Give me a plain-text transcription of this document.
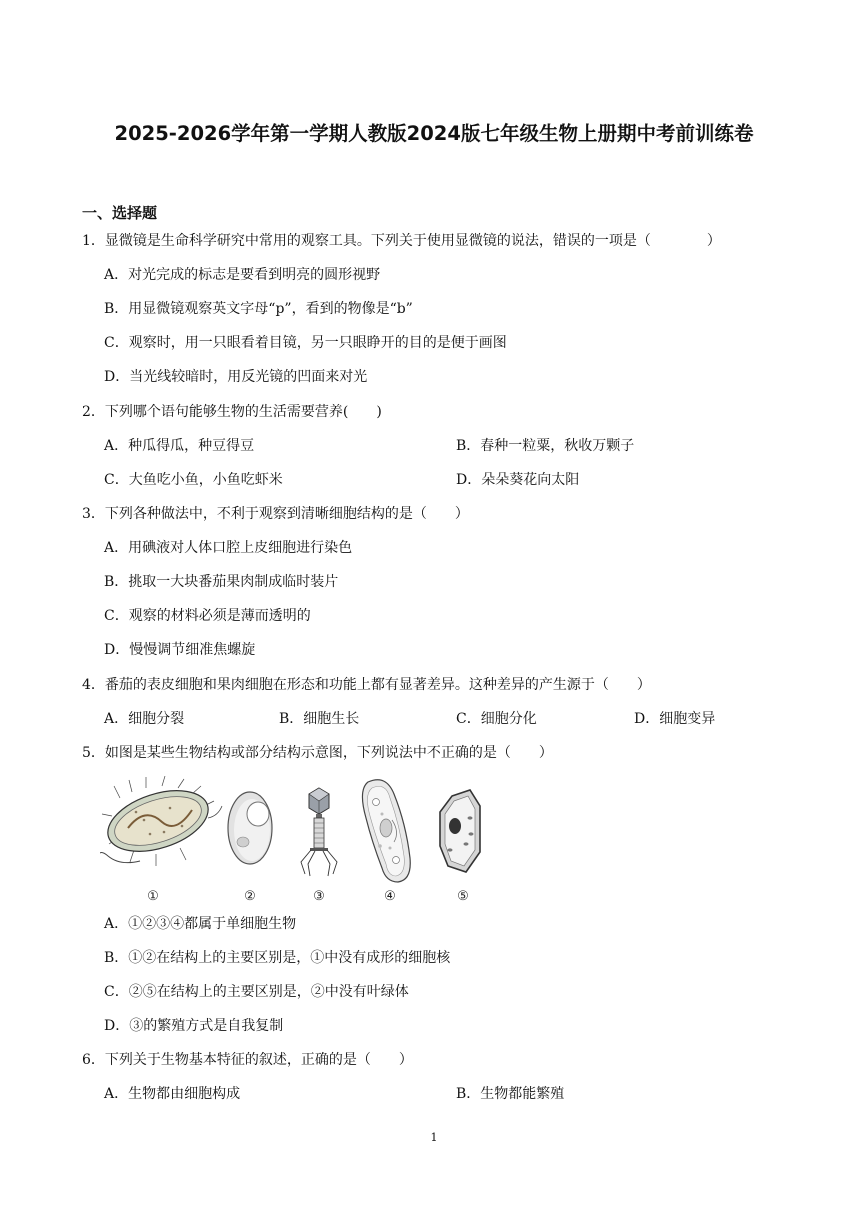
2025-2026学年第一学期人教版2024版七年级生物上册期中考前训练卷
一、选择题
1．显微镜是生命科学研究中常用的观察工具。下列关于使用显微镜的说法，错误的一项是（　　　　）
A．对光完成的标志是要看到明亮的圆形视野
B．用显微镜观察英文字母“p”，看到的物像是“b”
C．观察时，用一只眼看着目镜，另一只眼睁开的目的是便于画图
D．当光线较暗时，用反光镜的凹面来对光
2．下列哪个语句能够生物的生活需要营养(　　)
A．种瓜得瓜，种豆得豆	B．春种一粒粟，秋收万颗子
C．大鱼吃小鱼，小鱼吃虾米	D．朵朵葵花向太阳
3．下列各种做法中，不利于观察到清晰细胞结构的是（　　）
A．用碘液对人体口腔上皮细胞进行染色
B．挑取一大块番茄果肉制成临时装片
C．观察的材料必须是薄而透明的
D．慢慢调节细准焦螺旋
4．番茄的表皮细胞和果肉细胞在形态和功能上都有显著差异。这种差异的产生源于（　　）
A．细胞分裂	B．细胞生长	C．细胞分化	D．细胞变异
5．如图是某些生物结构或部分结构示意图，下列说法中不正确的是（　　）
①	②	③	④	⑤
A．①②③④都属于单细胞生物
B．①②在结构上的主要区别是，①中没有成形的细胞核
C．②⑤在结构上的主要区别是，②中没有叶绿体
D．③的繁殖方式是自我复制
6．下列关于生物基本特征的叙述，正确的是（　　）
A．生物都由细胞构成	B．生物都能繁殖
1
